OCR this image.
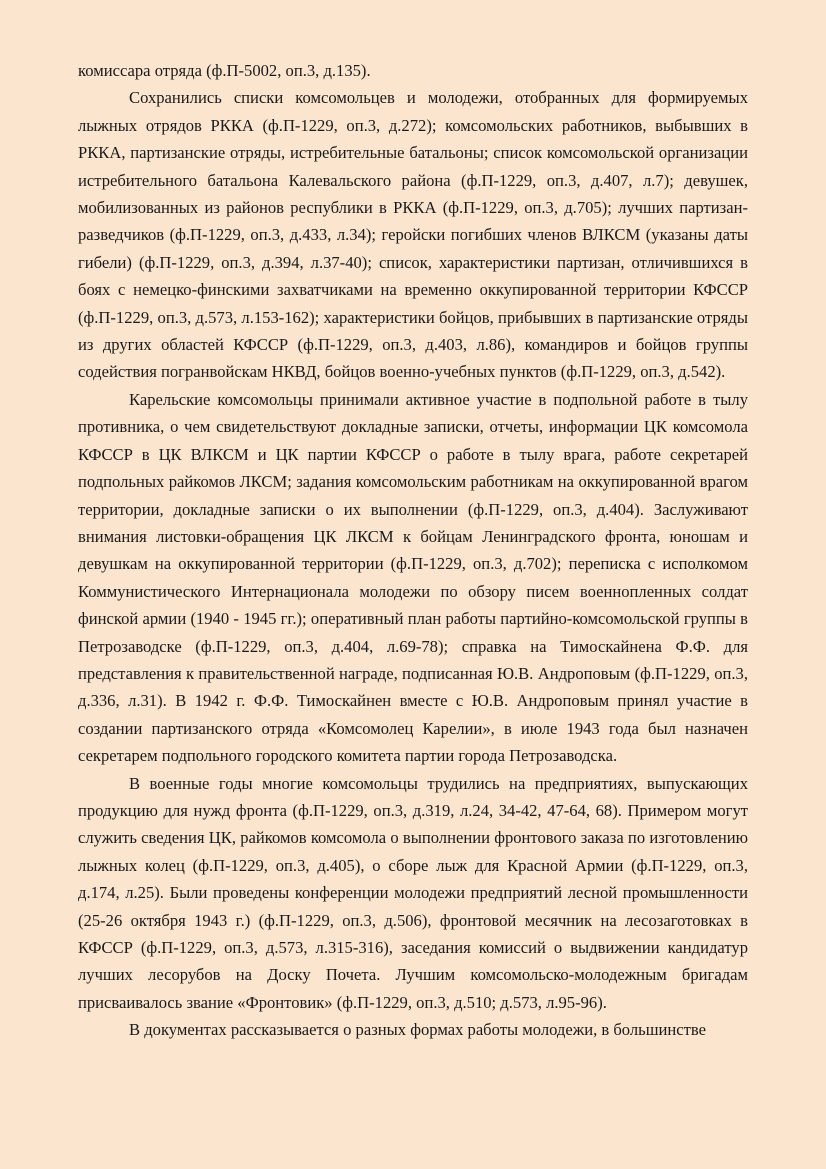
комиссара отряда (ф.П-5002, оп.3, д.135).

Сохранились списки комсомольцев и молодежи, отобранных для формируемых лыжных отрядов РККА (ф.П-1229, оп.3, д.272); комсомольских работников, выбывших в РККА, партизанские отряды, истребительные батальоны; список комсомольской организации истребительного батальона Калевальского района (ф.П-1229, оп.3, д.407, л.7); девушек, мобилизованных из районов республики в РККА (ф.П-1229, оп.3, д.705); лучших партизан-разведчиков (ф.П-1229, оп.3, д.433, л.34); геройски погибших членов ВЛКСМ (указаны даты гибели) (ф.П-1229, оп.3, д.394, л.37-40); список, характеристики партизан, отличившихся в боях с немецко-финскими захватчиками на временно оккупированной территории КФССР (ф.П-1229, оп.3, д.573, л.153-162); характеристики бойцов, прибывших в партизанские отряды из других областей КФССР (ф.П-1229, оп.3, д.403, л.86), командиров и бойцов группы содействия погранвойскам НКВД, бойцов военно-учебных пунктов (ф.П-1229, оп.3, д.542).

Карельские комсомольцы принимали активное участие в подпольной работе в тылу противника, о чем свидетельствуют докладные записки, отчеты, информации ЦК комсомола КФССР в ЦК ВЛКСМ и ЦК партии КФССР о работе в тылу врага, работе секретарей подпольных райкомов ЛКСМ; задания комсомольским работникам на оккупированной врагом территории, докладные записки о их выполнении (ф.П-1229, оп.3, д.404). Заслуживают внимания листовки-обращения ЦК ЛКСМ к бойцам Ленинградского фронта, юношам и девушкам на оккупированной территории (ф.П-1229, оп.3, д.702); переписка с исполкомом Коммунистического Интернационала молодежи по обзору писем военнопленных солдат финской армии (1940 - 1945 гг.); оперативный план работы партийно-комсомольской группы в Петрозаводске (ф.П-1229, оп.3, д.404, л.69-78); справка на Тимоскайнена Ф.Ф. для представления к правительственной награде, подписанная Ю.В. Андроповым (ф.П-1229, оп.3, д.336, л.31). В 1942 г. Ф.Ф. Тимоскайнен вместе с Ю.В. Андроповым принял участие в создании партизанского отряда «Комсомолец Карелии», в июле 1943 года был назначен секретарем подпольного городского комитета партии города Петрозаводска.

В военные годы многие комсомольцы трудились на предприятиях, выпускающих продукцию для нужд фронта (ф.П-1229, оп.3, д.319, л.24, 34-42, 47-64, 68). Примером могут служить сведения ЦК, райкомов комсомола о выполнении фронтового заказа по изготовлению лыжных колец (ф.П-1229, оп.3, д.405), о сборе лыж для Красной Армии (ф.П-1229, оп.3, д.174, л.25). Были проведены конференции молодежи предприятий лесной промышленности (25-26 октября 1943 г.) (ф.П-1229, оп.3, д.506), фронтовой месячник на лесозаготовках в КФССР (ф.П-1229, оп.3, д.573, л.315-316), заседания комиссий о выдвижении кандидатур лучших лесорубов на Доску Почета. Лучшим комсомольско-молодежным бригадам присваивалось звание «Фронтовик» (ф.П-1229, оп.3, д.510; д.573, л.95-96).

В документах рассказывается о разных формах работы молодежи, в большинстве
